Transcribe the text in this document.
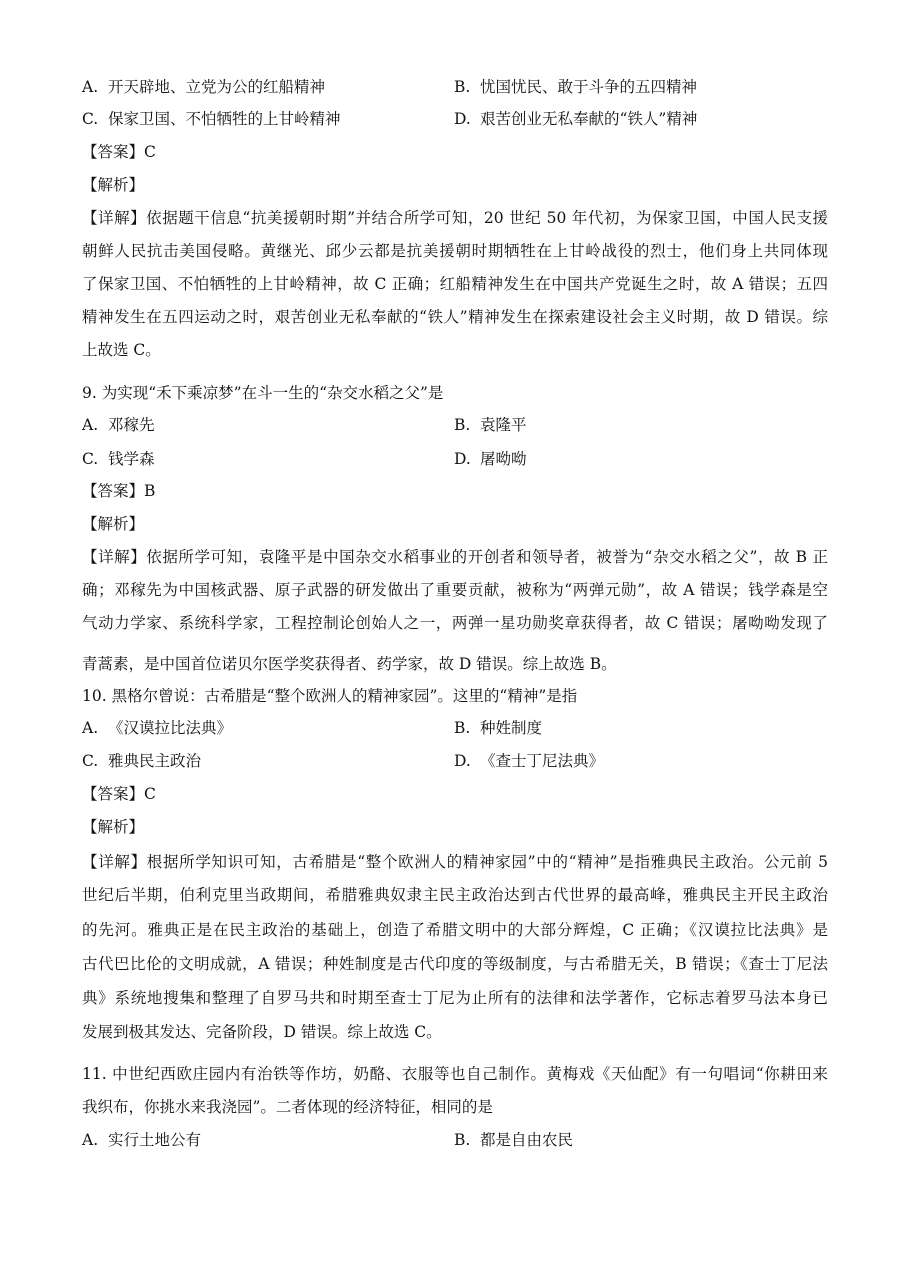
A. 开天辟地、立党为公的红船精神	B. 忧国忧民、敢于斗争的五四精神
C. 保家卫国、不怕牺牲的上甘岭精神	D. 艰苦创业无私奉献的“铁人”精神
【答案】C
【解析】
【详解】依据题干信息“抗美援朝时期”并结合所学可知，20 世纪 50 年代初，为保家卫国，中国人民支援
朝鲜人民抗击美国侵略。黄继光、邱少云都是抗美援朝时期牺牲在上甘岭战役的烈士，他们身上共同体现
了保家卫国、不怕牺牲的上甘岭精神，故 C 正确；红船精神发生在中国共产党诞生之时，故 A 错误；五四
精神发生在五四运动之时，艰苦创业无私奉献的“铁人”精神发生在探索建设社会主义时期，故 D 错误。综
上故选 C。
9. 为实现“禾下乘凉梦”在斗一生的“杂交水稻之父”是
A. 邓稼先	B. 袁隆平
C. 钱学森	D. 屠呦呦
【答案】B
【解析】
【详解】依据所学可知，袁隆平是中国杂交水稻事业的开创者和领导者，被誉为“杂交水稻之父”，故 B 正
确；邓稼先为中国核武器、原子武器的研发做出了重要贡献，被称为“两弹元勋”，故 A 错误；钱学森是空
气动力学家、系统科学家，工程控制论创始人之一，两弹一星功勋奖章获得者，故 C 错误；屠呦呦发现了
青蒿素，是中国首位诺贝尔医学奖获得者、药学家，故 D 错误。综上故选 B。
10. 黑格尔曾说：古希腊是“整个欧洲人的精神家园”。这里的“精神”是指
A. 《汉谟拉比法典》	B. 种姓制度
C. 雅典民主政治	D. 《查士丁尼法典》
【答案】C
【解析】
【详解】根据所学知识可知，古希腊是“整个欧洲人的精神家园”中的“精神”是指雅典民主政治。公元前 5
世纪后半期，伯利克里当政期间，希腊雅典奴隶主民主政治达到古代世界的最高峰，雅典民主开民主政治
的先河。雅典正是在民主政治的基础上，创造了希腊文明中的大部分辉煌，C 正确；《汉谟拉比法典》是
古代巴比伦的文明成就，A 错误；种姓制度是古代印度的等级制度，与古希腊无关，B 错误；《查士丁尼法
典》系统地搜集和整理了自罗马共和时期至查士丁尼为止所有的法律和法学著作，它标志着罗马法本身已
发展到极其发达、完备阶段，D 错误。综上故选 C。
11. 中世纪西欧庄园内有治铁等作坊，奶酪、衣服等也自己制作。黄梅戏《天仙配》有一句唱词“你耕田来
我织布，你挑水来我浇园”。二者体现的经济特征，相同的是
A. 实行土地公有	B. 都是自由农民
